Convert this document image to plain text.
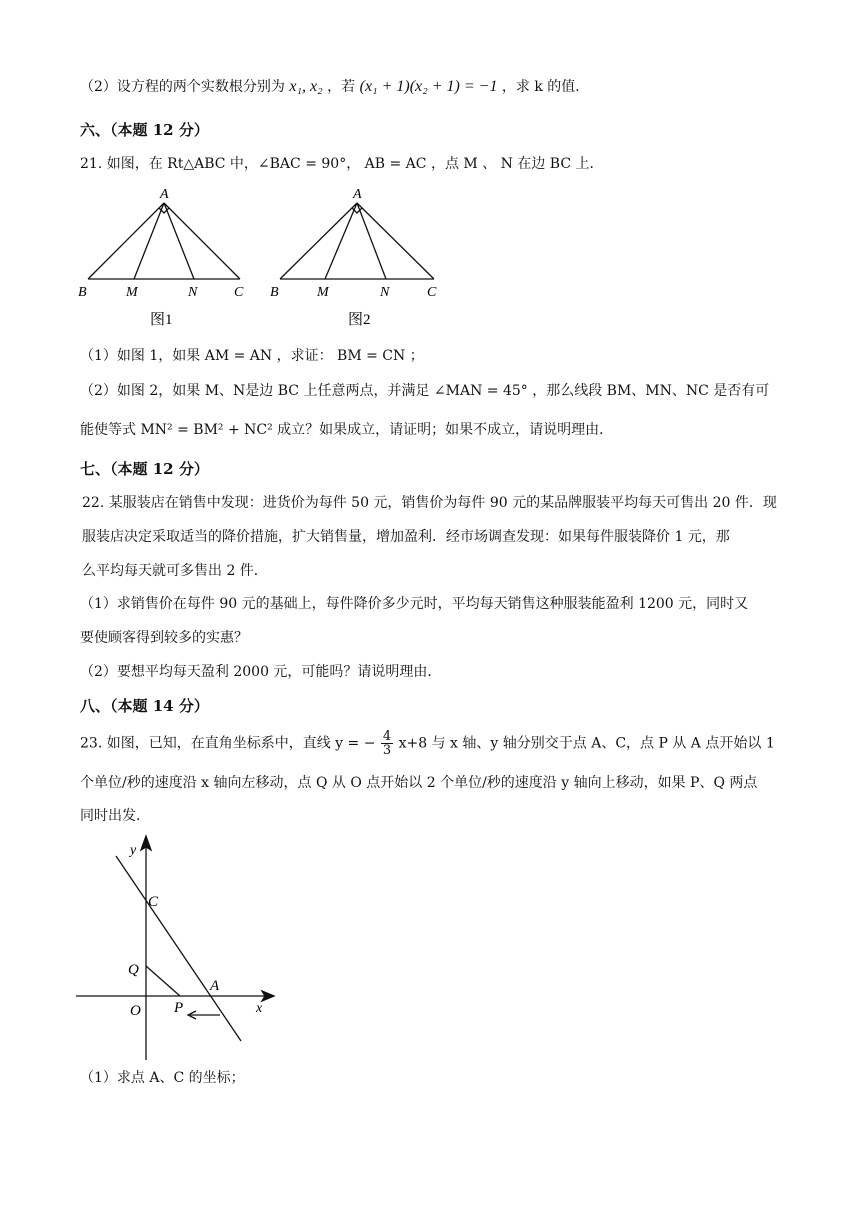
（2）设方程的两个实数根分别为 x₁, x₂ ，若 (x₁ + 1)(x₂ + 1) = −1 ，求 k 的值．
六、（本题 12 分）
21. 如图，在 Rt△ABC 中，∠BAC = 90°， AB = AC ，点 M 、 N 在边 BC 上．
A
B	M	N	C
图1
A
B	M	N	C
图2
（1）如图 1，如果 AM = AN ，求证： BM = CN ；
（2）如图 2，如果 M、N是边 BC 上任意两点，并满足 ∠MAN = 45° ，那么线段 BM、MN、NC 是否有可
能使等式 MN² = BM² + NC² 成立？如果成立，请证明；如果不成立，请说明理由．
七、（本题 12 分）
22. 某服装店在销售中发现：进货价为每件 50 元，销售价为每件 90 元的某品牌服装平均每天可售出 20 件．现
服装店决定采取适当的降价措施，扩大销售量，增加盈利．经市场调查发现：如果每件服装降价 1 元，那
么平均每天就可多售出 2 件．
（1）求销售价在每件 90 元的基础上，每件降价多少元时，平均每天销售这种服装能盈利 1200 元，同时又
要使顾客得到较多的实惠？
（2）要想平均每天盈利 2000 元，可能吗？请说明理由．
八、（本题 14 分）
23. 如图，已知，在直角坐标系中，直线 y = − $\frac{4}{3} x+8$ 与 x 轴、y 轴分别交于点 A、C，点 P 从 A 点开始以 1
个单位/秒的速度沿 x 轴向左移动，点 Q 从 O 点开始以 2 个单位/秒的速度沿 y 轴向上移动，如果 P、Q 两点
同时出发．
y
x
C
Q
A
O P
（1）求点 A、C 的坐标；
